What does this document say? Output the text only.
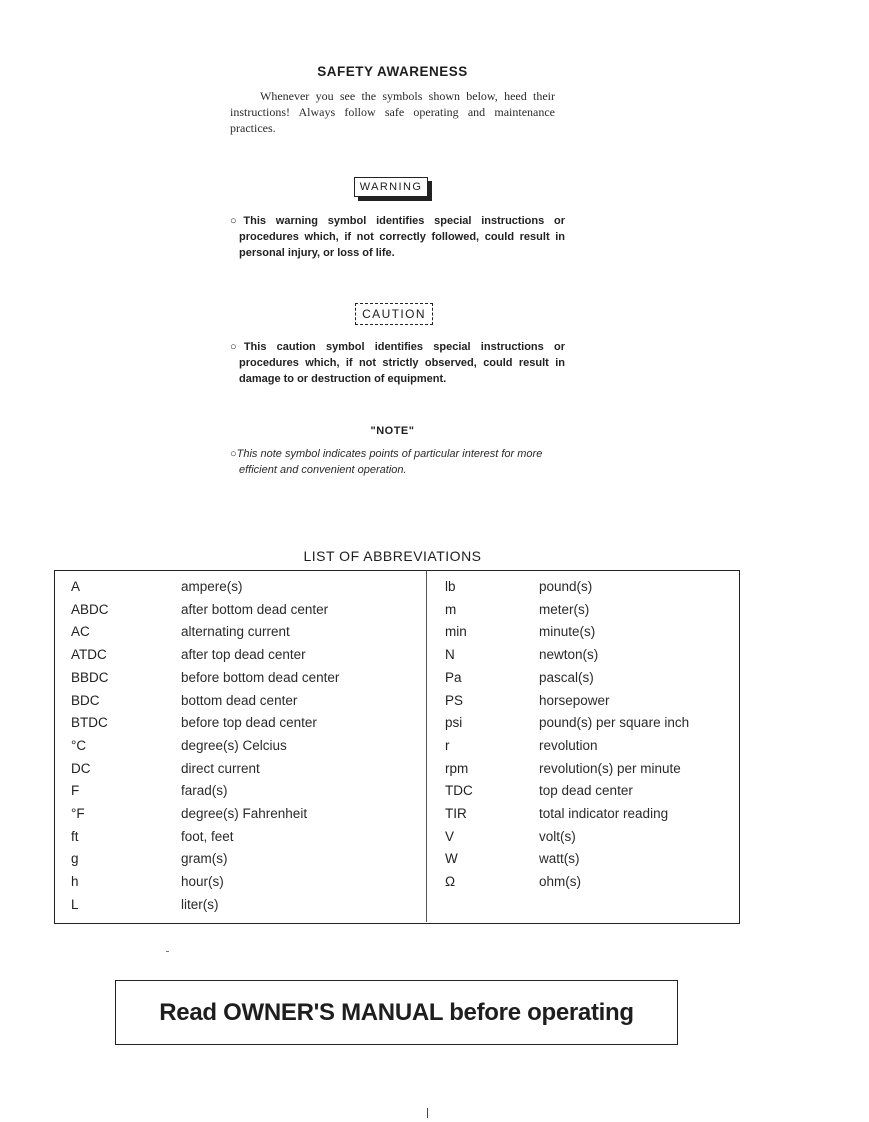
SAFETY AWARENESS
Whenever you see the symbols shown below, heed their instructions! Always follow safe operating and maintenance practices.
WARNING
○This warning symbol identifies special instructions or procedures which, if not correctly followed, could result in personal injury, or loss of life.
CAUTION
○This caution symbol identifies special instructions or procedures which, if not strictly observed, could result in damage to or destruction of equipment.
"NOTE"
○This note symbol indicates points of particular interest for more efficient and convenient operation.
LIST OF ABBREVIATIONS
A	ampere(s)
ABDC	after bottom dead center
AC	alternating current
ATDC	after top dead center
BBDC	before bottom dead center
BDC	bottom dead center
BTDC	before top dead center
°C	degree(s) Celcius
DC	direct current
F	farad(s)
°F	degree(s) Fahrenheit
ft	foot, feet
g	gram(s)
h	hour(s)
L	liter(s)
lb	pound(s)
m	meter(s)
min	minute(s)
N	newton(s)
Pa	pascal(s)
PS	horsepower
psi	pound(s) per square inch
r	revolution
rpm	revolution(s) per minute
TDC	top dead center
TIR	total indicator reading
V	volt(s)
W	watt(s)
Ω	ohm(s)
Read OWNER'S MANUAL before operating
